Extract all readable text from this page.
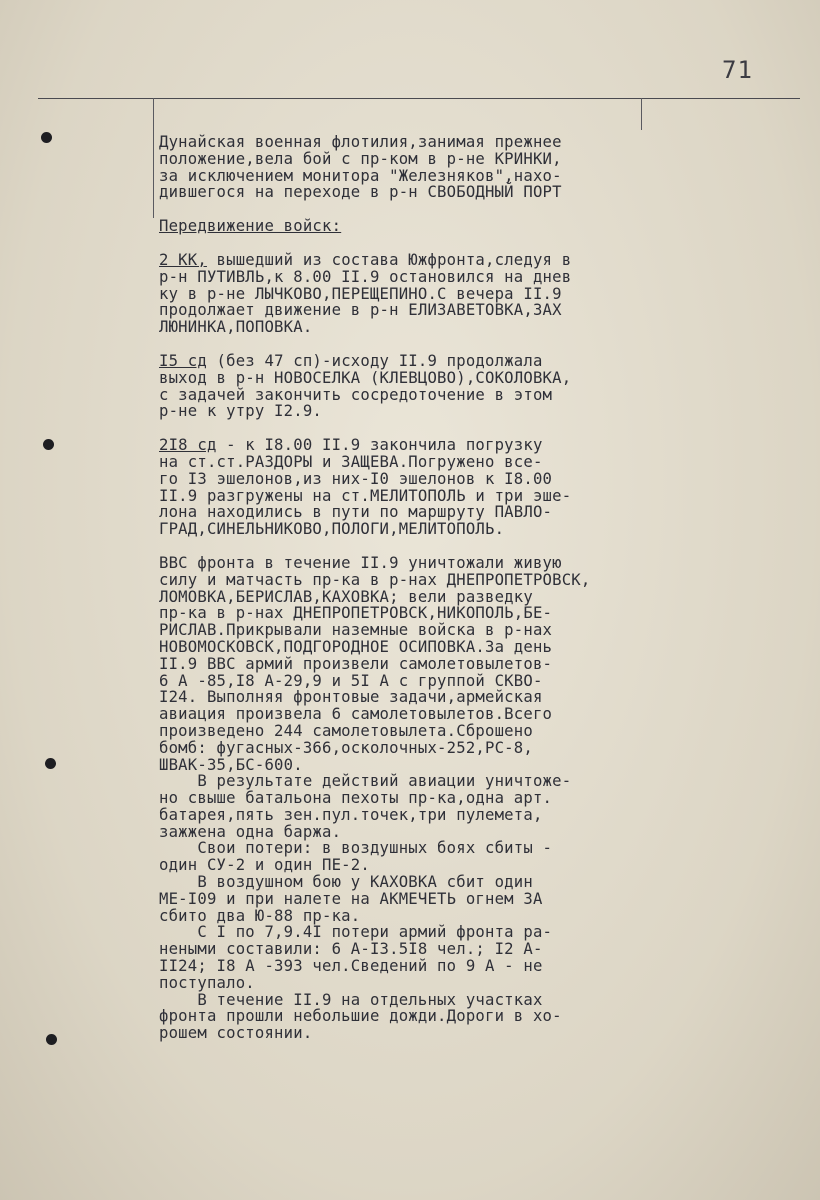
71
Дунайская военная флотилия,занимая прежнее
положение,вела бой с пр-ком в р-не КРИНКИ,
за исключением монитора "Железняков",нахо-
дившегося на переходе в р-н СВОБОДНЫЙ ПОРТ
Передвижение войск:
2 КК, вышедший из состава Южфронта,следуя в
р-н ПУТИВЛЬ,к 8.00 II.9 остановился на днев
ку в р-не ЛЫЧКОВО,ПЕРЕЩЕПИНО.С вечера II.9
продолжает движение в р-н ЕЛИЗАВЕТОВКА,ЗАХ
ЛЮНИНКА,ПОПОВКА.
I5 сд (без 47 сп)-исходу II.9 продолжала
выход в р-н НОВОСЕЛКА (КЛЕВЦОВО),СОКОЛОВКА,
с задачей закончить сосредоточение в этом
р-не к утру I2.9.
2I8 сд - к I8.00 II.9 закончила погрузку
на ст.ст.РАЗДОРЫ и ЗАЩЕВА.Погружено все-
го I3 эшелонов,из них-I0 эшелонов к I8.00
II.9 разгружены на ст.МЕЛИТОПОЛЬ и три эше-
лона находились в пути по маршруту ПАВЛО-
ГРАД,СИНЕЛЬНИКОВО,ПОЛОГИ,МЕЛИТОПОЛЬ.
ВВС фронта в течение II.9 уничтожали живую
силу и матчасть пр-ка в р-нах ДНЕПРОПЕТРОВСК,
ЛОМОВКА,БЕРИСЛАВ,КАХОВКА; вели разведку
пр-ка в р-нах ДНЕПРОПЕТРОВСК,НИКОПОЛЬ,БЕ-
РИСЛАВ.Прикрывали наземные войска в р-нах
НОВОМОСКОВСК,ПОДГОРОДНОЕ ОСИПОВКА.За день
II.9 ВВС армий произвели самолетовылетов-
6 А -85,I8 А-29,9 и 5I А с группой СКВО-
I24. Выполняя фронтовые задачи,армейская
авиация произвела 6 самолетовылетов.Всего
произведено 244 самолетовылета.Сброшено
бомб: фугасных-366,осколочных-252,РС-8,
ШВАК-35,БС-600.
В результате действий авиации уничтоже-
но свыше батальона пехоты пр-ка,одна арт.
батарея,пять зен.пул.точек,три пулемета,
зажжена одна баржа.
Свои потери: в воздушных боях сбиты -
один СУ-2 и один ПЕ-2.
В воздушном бою у КАХОВКА сбит один
МЕ-I09 и при налете на АКМЕЧЕТЬ огнем ЗА
сбито два Ю-88 пр-ка.
С I по 7,9.4I потери армий фронта ра-
неными составили: 6 А-I3.5I8 чел.; I2 А-
II24; I8 А -393 чел.Сведений по 9 А - не
поступало.
В течение II.9 на отдельных участках
фронта прошли небольшие дожди.Дороги в хо-
рошем состоянии.
